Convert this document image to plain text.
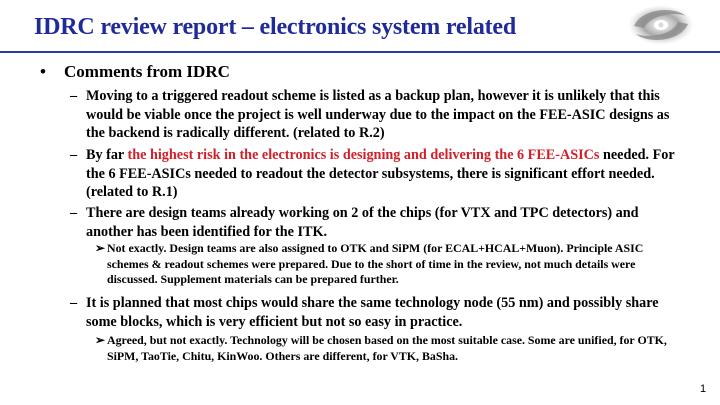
IDRC review report – electronics system related
• Comments from IDRC
– Moving to a triggered readout scheme is listed as a backup plan, however it is unlikely that this would be viable once the project is well underway due to the impact on the FEE-ASIC designs as the backend is radically different. (related to R.2)
– By far the highest risk in the electronics is designing and delivering the 6 FEE-ASICs needed. For the 6 FEE-ASICs needed to readout the detector subsystems, there is significant effort needed. (related to R.1)
– There are design teams already working on 2 of the chips (for VTX and TPC detectors) and another has been identified for the ITK.
➢ Not exactly. Design teams are also assigned to OTK and SiPM (for ECAL+HCAL+Muon). Principle ASIC schemes & readout schemes were prepared. Due to the short of time in the review, not much details were discussed. Supplement materials can be prepared further.
– It is planned that most chips would share the same technology node (55 nm) and possibly share some blocks, which is very efficient but not so easy in practice.
➢ Agreed, but not exactly. Technology will be chosen based on the most suitable case. Some are unified, for OTK, SiPM, TaoTie, Chitu, KinWoo. Others are different, for VTK, BaSha.
1
